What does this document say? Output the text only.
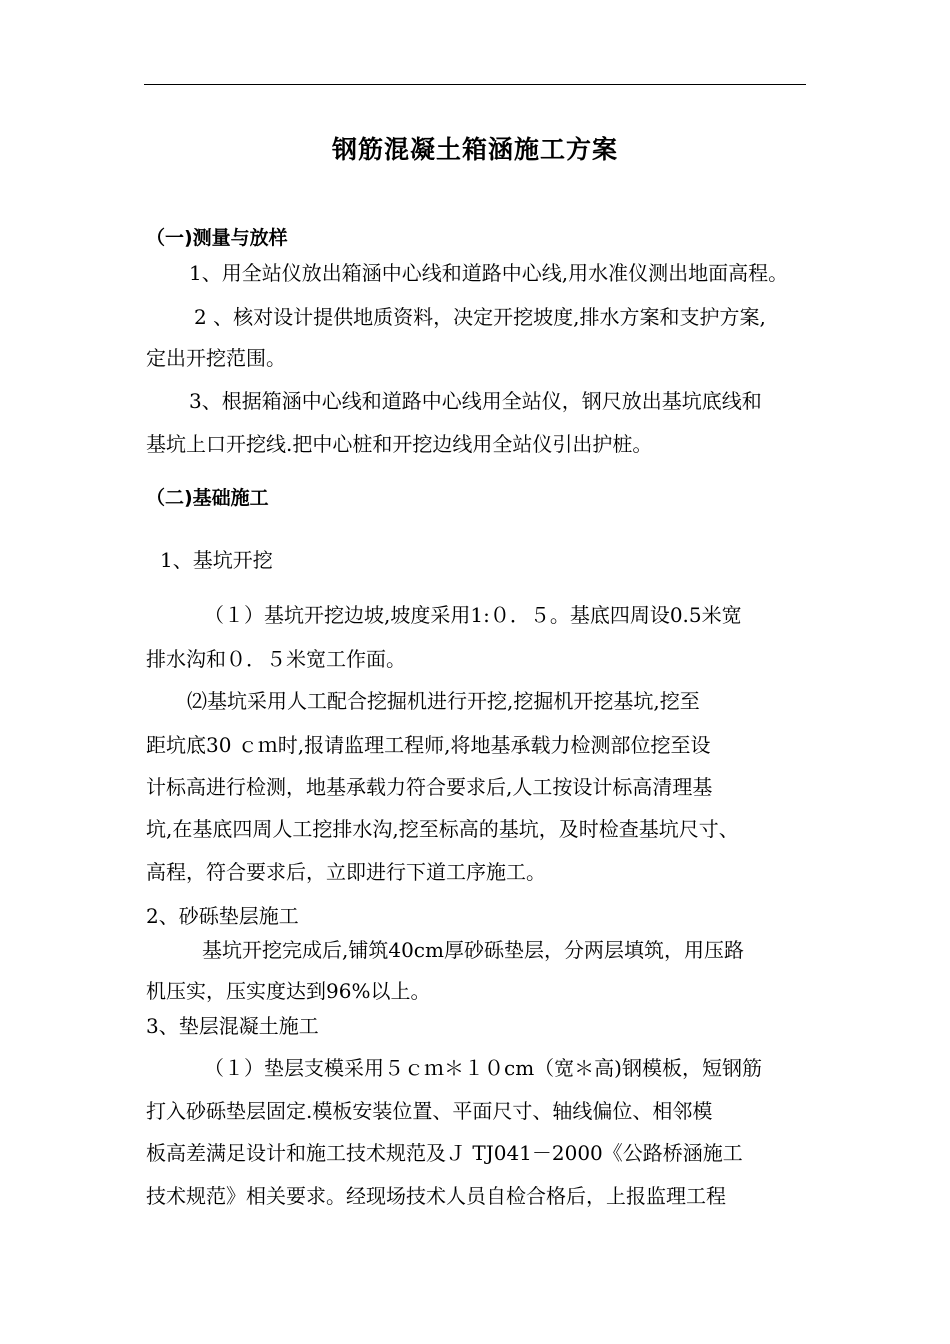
钢筋混凝土箱涵施工方案
（一)测量与放样
1、用全站仪放出箱涵中心线和道路中心线,用水准仪测出地面高程。
2 、核对设计提供地质资料，决定开挖坡度,排水方案和支护方案,
定出开挖范围。
3、根据箱涵中心线和道路中心线用全站仪，钢尺放出基坑底线和
基坑上口开挖线.把中心桩和开挖边线用全站仪引出护桩。
（二)基础施工
1、基坑开挖
（１）基坑开挖边坡,坡度采用1:０．５。基底四周设0.5米宽
排水沟和０．５米宽工作面。
⑵基坑采用人工配合挖掘机进行开挖,挖掘机开挖基坑,挖至
距坑底30 ｃｍ时,报请监理工程师,将地基承载力检测部位挖至设
计标高进行检测，地基承载力符合要求后,人工按设计标高清理基
坑,在基底四周人工挖排水沟,挖至标高的基坑，及时检查基坑尺寸、
高程，符合要求后，立即进行下道工序施工。
2、砂砾垫层施工
基坑开挖完成后,铺筑40cm厚砂砾垫层，分两层填筑，用压路
机压实，压实度达到96%以上。
3、垫层混凝土施工
（１）垫层支模采用５ｃｍ＊１０cm（宽＊高)钢模板，短钢筋
打入砂砾垫层固定.模板安装位置、平面尺寸、轴线偏位、相邻模
板高差满足设计和施工技术规范及Ｊ TJ041－2000《公路桥涵施工
技术规范》相关要求。经现场技术人员自检合格后，上报监理工程
